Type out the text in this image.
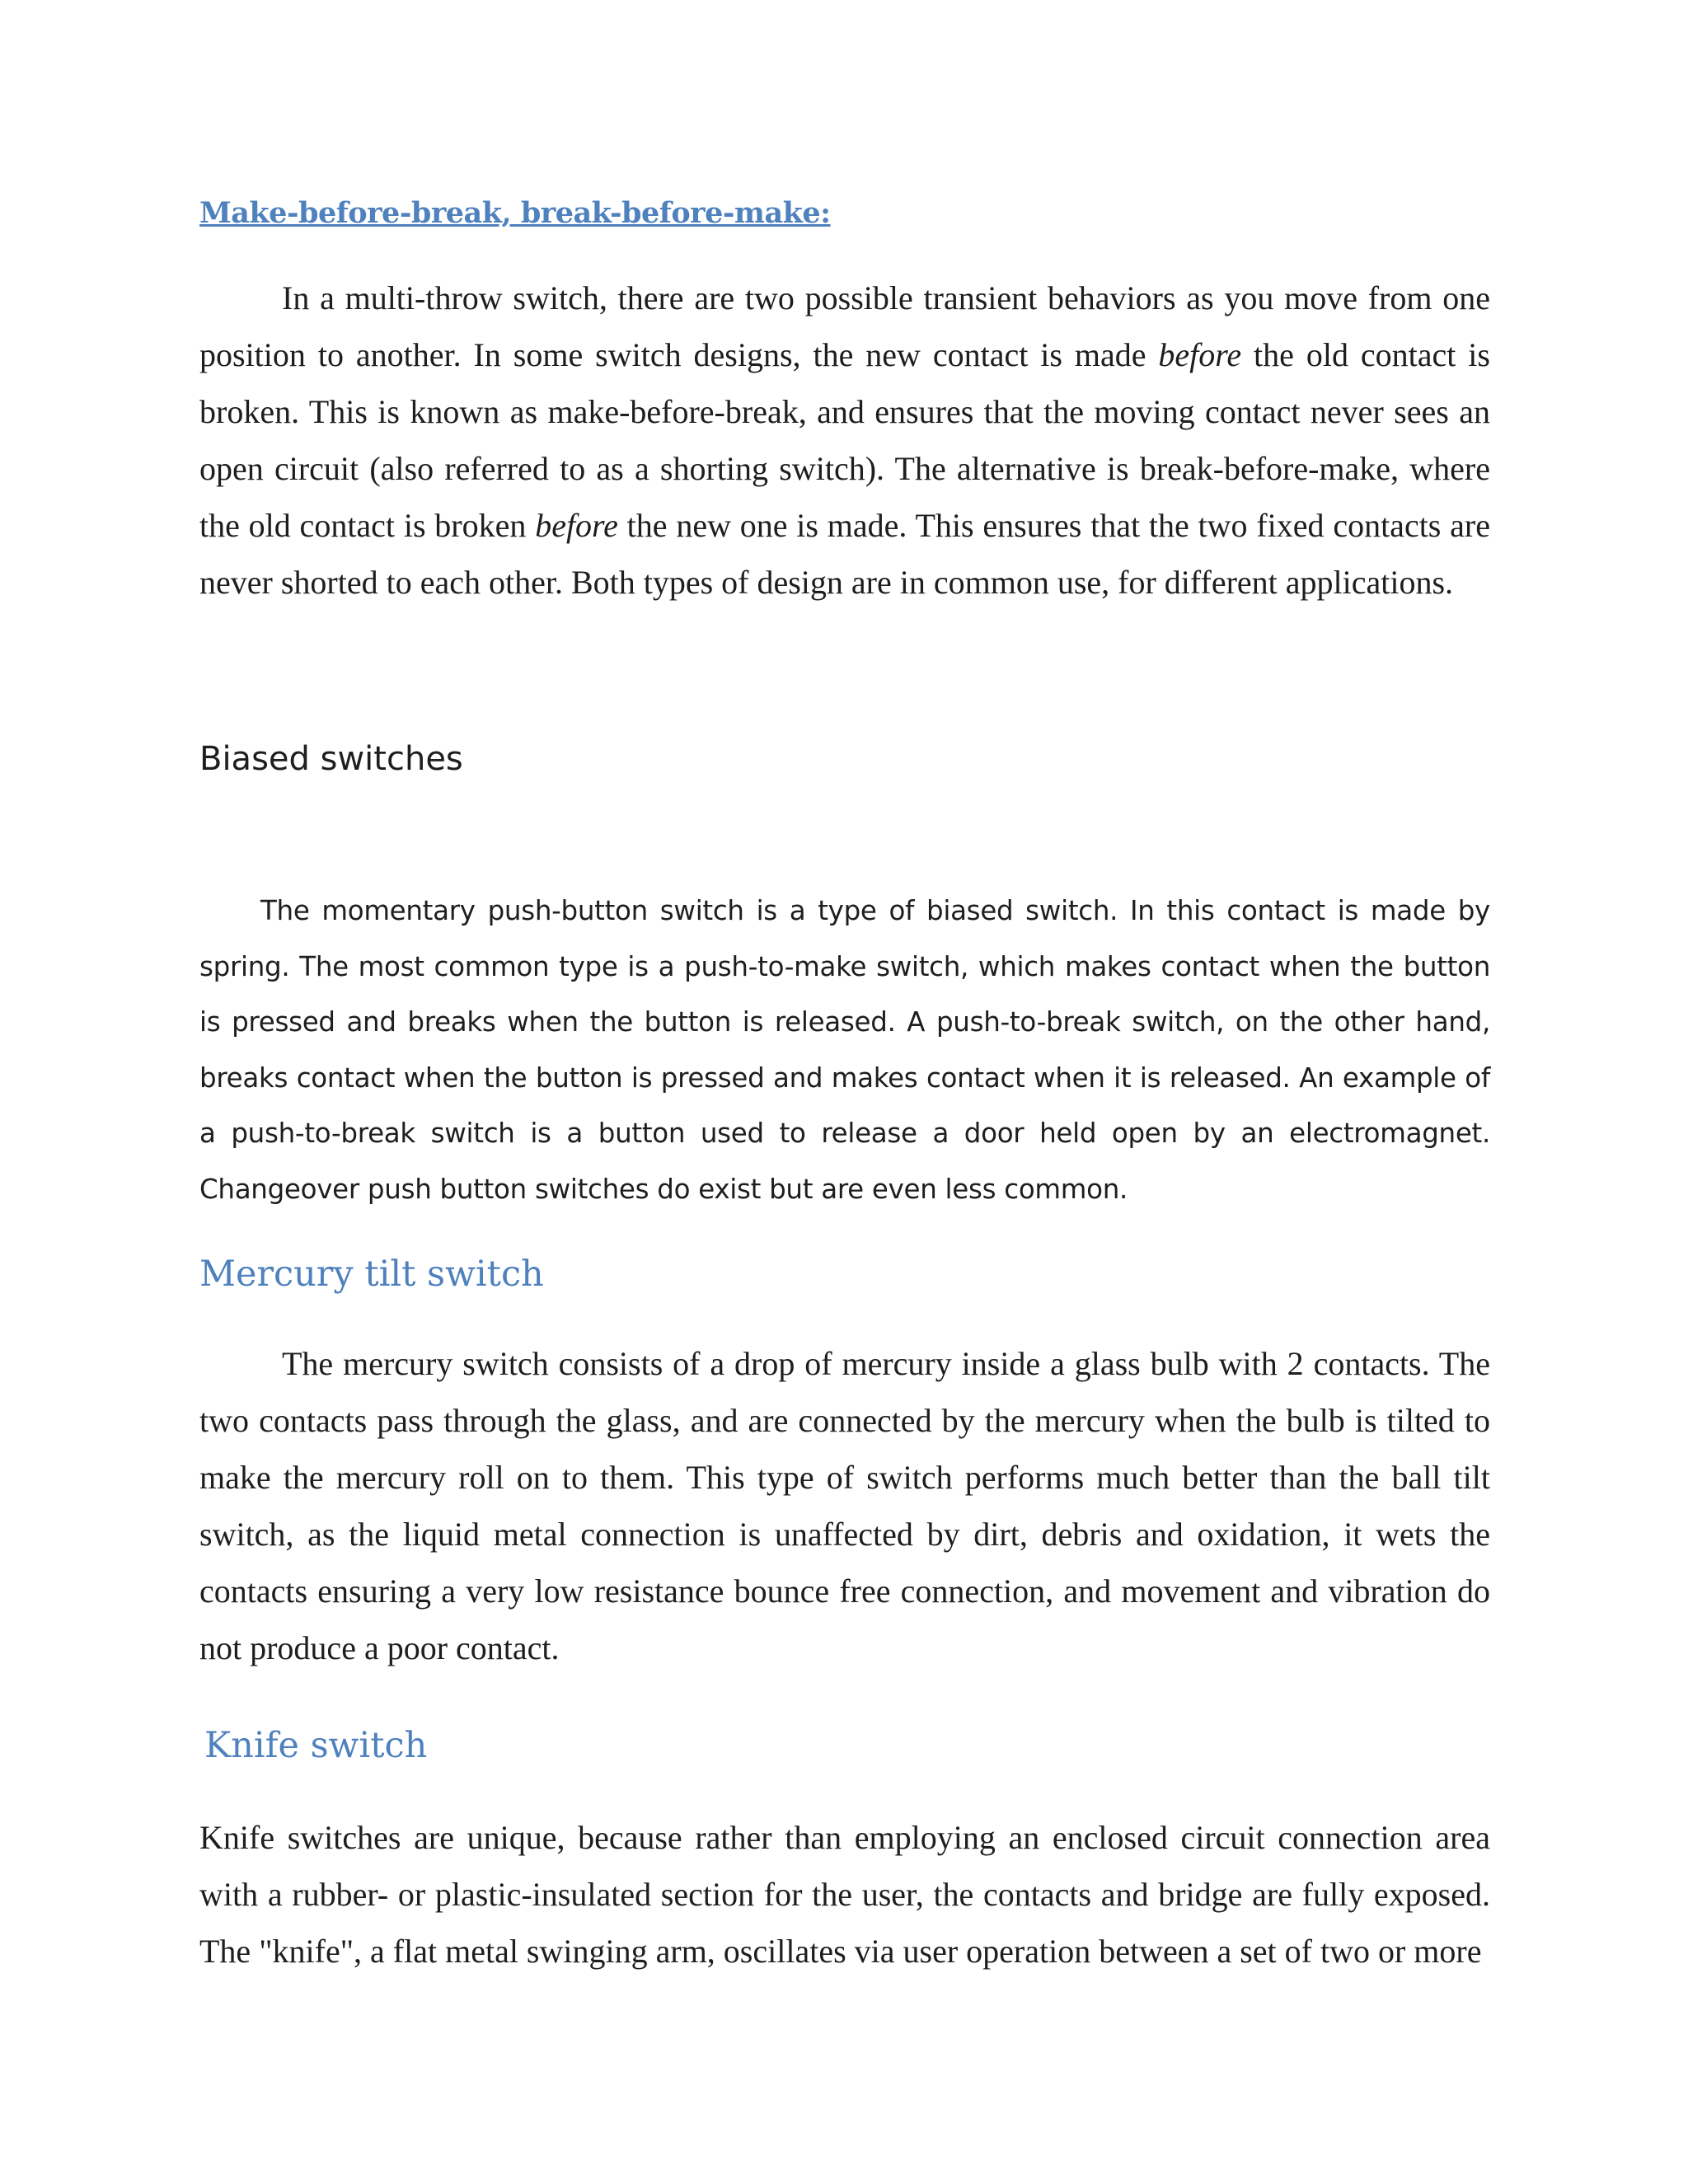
Make-before-break, break-before-make:

In a multi-throw switch, there are two possible transient behaviors as you move from one position to another. In some switch designs, the new contact is made before the old contact is broken. This is known as make-before-break, and ensures that the moving contact never sees an open circuit (also referred to as a shorting switch). The alternative is break-before-make, where the old contact is broken before the new one is made. This ensures that the two fixed contacts are never shorted to each other. Both types of design are in common use, for different applications.

Biased switches

The momentary push-button switch is a type of biased switch. In this contact is made by spring. The most common type is a push-to-make switch, which makes contact when the button is pressed and breaks when the button is released. A push-to-break switch, on the other hand, breaks contact when the button is pressed and makes contact when it is released. An example of a push-to-break switch is a button used to release a door held open by an electromagnet. Changeover push button switches do exist but are even less common.

Mercury tilt switch

The mercury switch consists of a drop of mercury inside a glass bulb with 2 contacts. The two contacts pass through the glass, and are connected by the mercury when the bulb is tilted to make the mercury roll on to them. This type of switch performs much better than the ball tilt switch, as the liquid metal connection is unaffected by dirt, debris and oxidation, it wets the contacts ensuring a very low resistance bounce free connection, and movement and vibration do not produce a poor contact.

Knife switch

Knife switches are unique, because rather than employing an enclosed circuit connection area with a rubber- or plastic-insulated section for the user, the contacts and bridge are fully exposed. The "knife", a flat metal swinging arm, oscillates via user operation between a set of two or more
